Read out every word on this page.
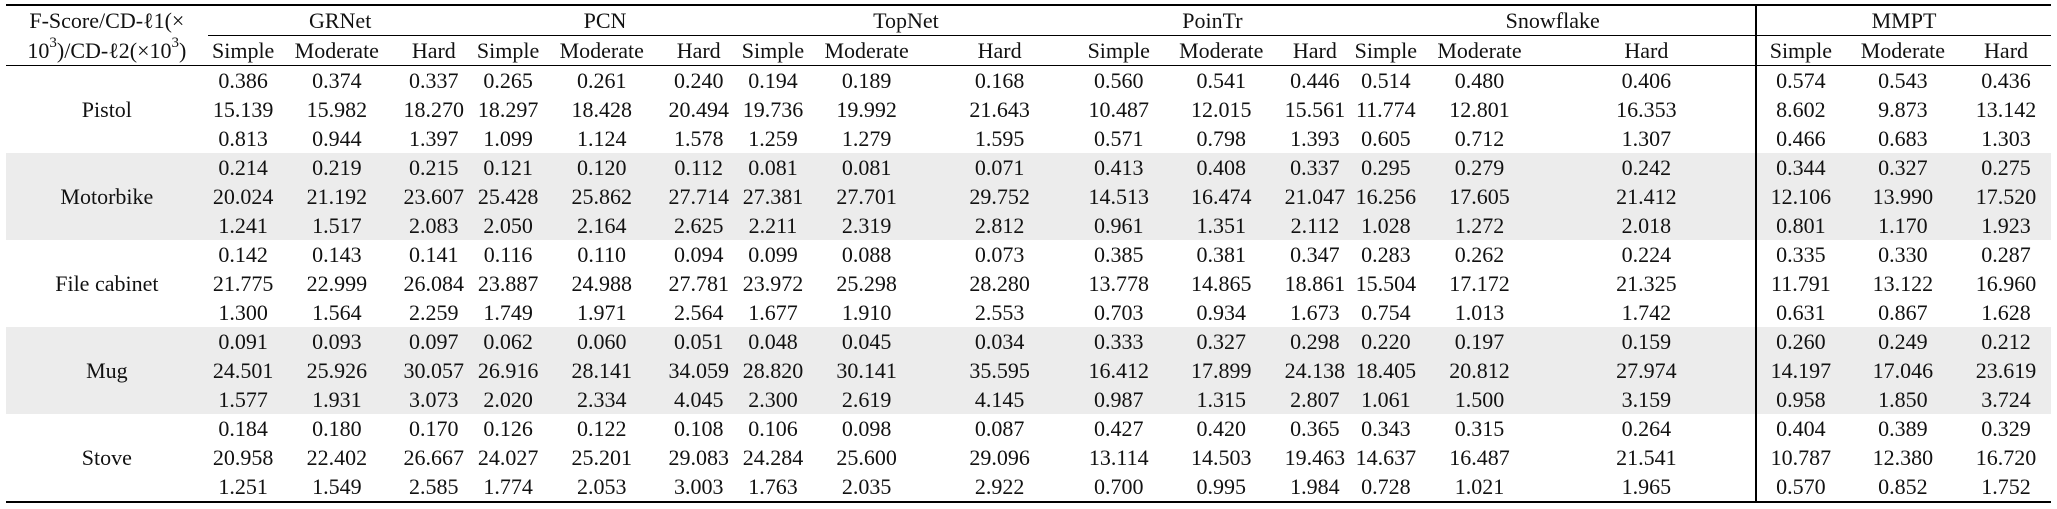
F-Score/CD-ℓ1(×	GRNet			PCN			TopNet			PoinTr			Snowflake			MMPT		
$10^3)/CD-\ell 2(\times 10^3)$	Simple	Moderate	Hard	Simple	Moderate	Hard	Simple	Moderate	Hard	Simple	Moderate	Hard	Simple	Moderate	Hard	Simple	Moderate	Hard
Pistol	0.386	0.374	0.337	0.265	0.261	0.240	0.194	0.189	0.168	0.560	0.541	0.446	0.514	0.480	0.406	0.574	0.543	0.436
	15.139	15.982	18.270	18.297	18.428	20.494	19.736	19.992	21.643	10.487	12.015	15.561	11.774	12.801	16.353	8.602	9.873	13.142
	0.813	0.944	1.397	1.099	1.124	1.578	1.259	1.279	1.595	0.571	0.798	1.393	0.605	0.712	1.307	0.466	0.683	1.303
Motorbike	0.214	0.219	0.215	0.121	0.120	0.112	0.081	0.081	0.071	0.413	0.408	0.337	0.295	0.279	0.242	0.344	0.327	0.275
	20.024	21.192	23.607	25.428	25.862	27.714	27.381	27.701	29.752	14.513	16.474	21.047	16.256	17.605	21.412	12.106	13.990	17.520
	1.241	1.517	2.083	2.050	2.164	2.625	2.211	2.319	2.812	0.961	1.351	2.112	1.028	1.272	2.018	0.801	1.170	1.923
File cabinet	0.142	0.143	0.141	0.116	0.110	0.094	0.099	0.088	0.073	0.385	0.381	0.347	0.283	0.262	0.224	0.335	0.330	0.287
	21.775	22.999	26.084	23.887	24.988	27.781	23.972	25.298	28.280	13.778	14.865	18.861	15.504	17.172	21.325	11.791	13.122	16.960
	1.300	1.564	2.259	1.749	1.971	2.564	1.677	1.910	2.553	0.703	0.934	1.673	0.754	1.013	1.742	0.631	0.867	1.628
Mug	0.091	0.093	0.097	0.062	0.060	0.051	0.048	0.045	0.034	0.333	0.327	0.298	0.220	0.197	0.159	0.260	0.249	0.212
	24.501	25.926	30.057	26.916	28.141	34.059	28.820	30.141	35.595	16.412	17.899	24.138	18.405	20.812	27.974	14.197	17.046	23.619
	1.577	1.931	3.073	2.020	2.334	4.045	2.300	2.619	4.145	0.987	1.315	2.807	1.061	1.500	3.159	0.958	1.850	3.724
Stove	0.184	0.180	0.170	0.126	0.122	0.108	0.106	0.098	0.087	0.427	0.420	0.365	0.343	0.315	0.264	0.404	0.389	0.329
	20.958	22.402	26.667	24.027	25.201	29.083	24.284	25.600	29.096	13.114	14.503	19.463	14.637	16.487	21.541	10.787	12.380	16.720
	1.251	1.549	2.585	1.774	2.053	3.003	1.763	2.035	2.922	0.700	0.995	1.984	0.728	1.021	1.965	0.570	0.852	1.752
